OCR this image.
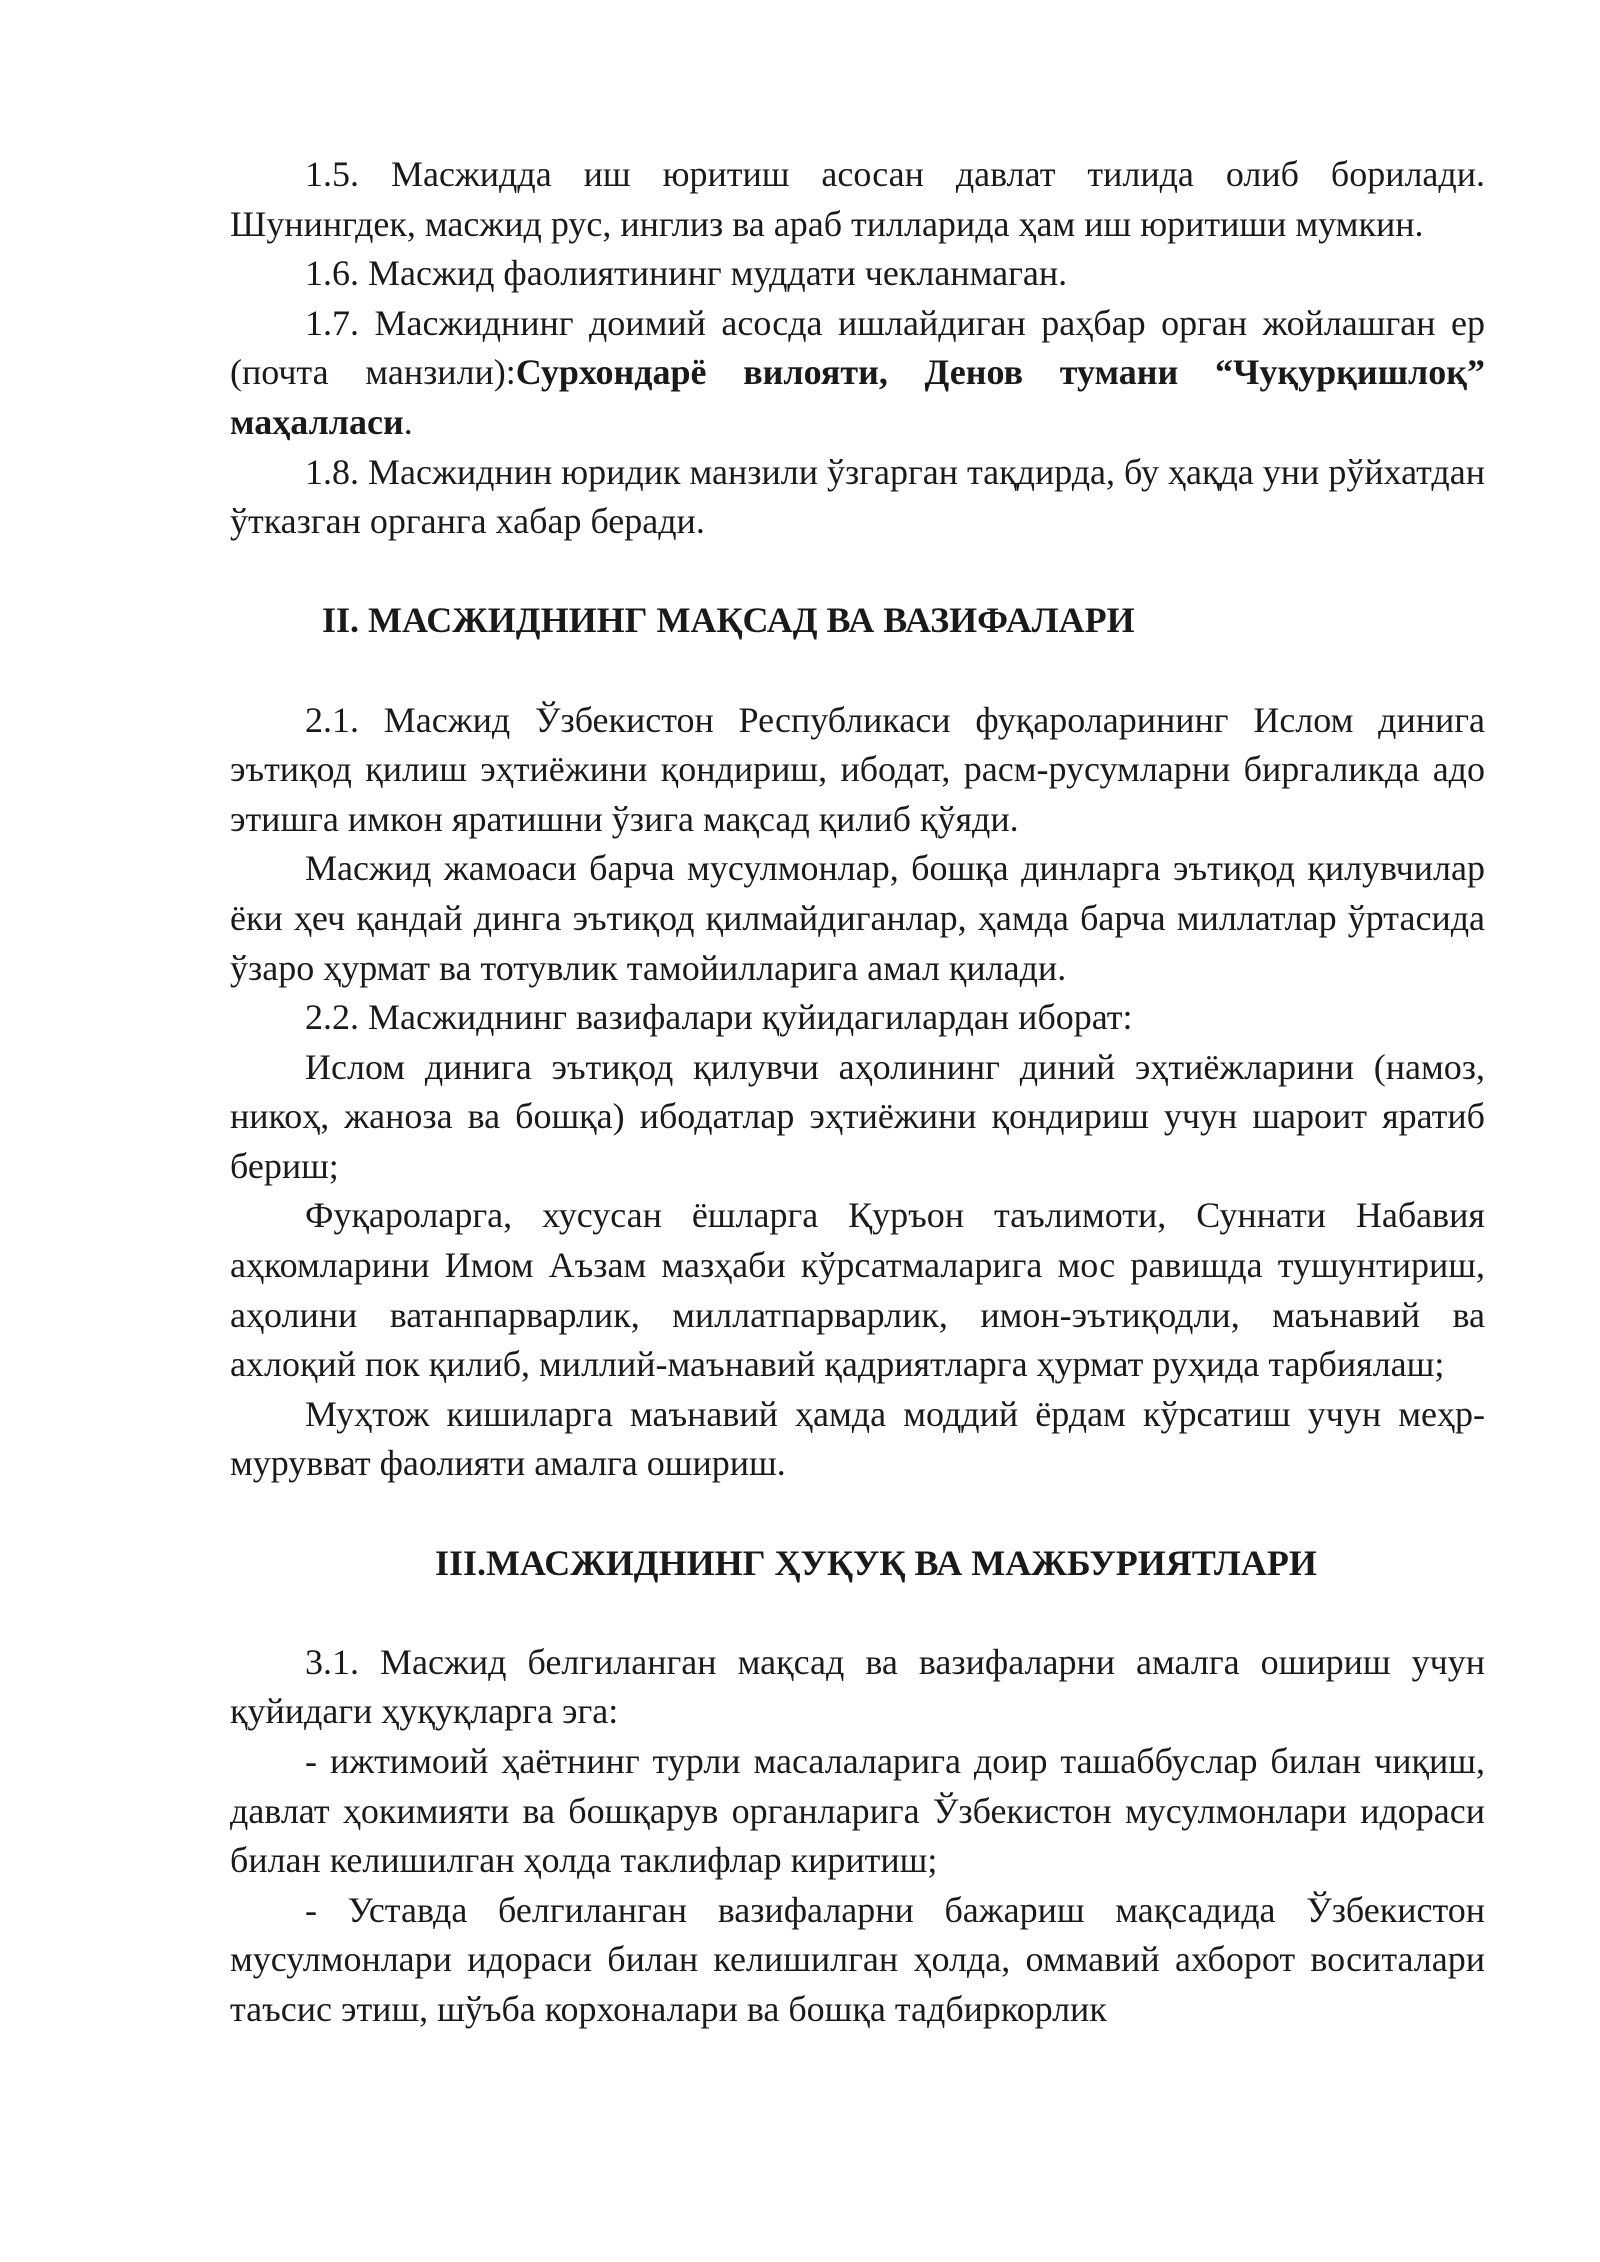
1.5. Масжидда иш юритиш асосан давлат тилида олиб борилади. Шунингдек, масжид рус, инглиз ва араб тилларида ҳам иш юритиши мумкин.

1.6. Масжид фаолиятининг муддати чекланмаган.

1.7. Масжиднинг доимий асосда ишлайдиган раҳбар орган жойлашган ер (почта манзили):Сурхондарё вилояти, Денов тумани “Чуқурқишлоқ” маҳалласи.

1.8. Масжиднин юридик манзили ўзгарган тақдирда, бу ҳақда уни рўйхатдан ўтказган органга хабар беради.

II. МАСЖИДНИНГ МАҚСАД ВА ВАЗИФАЛАРИ

2.1. Масжид Ўзбекистон Республикаси фуқароларининг Ислом динига эътиқод қилиш эҳтиёжини қондириш, ибодат, расм-русумларни биргаликда адо этишга имкон яратишни ўзига мақсад қилиб қўяди.

Масжид жамоаси барча мусулмонлар, бошқа динларга эътиқод қилувчилар ёки ҳеч қандай динга эътиқод қилмайдиганлар, ҳамда барча миллатлар ўртасида ўзаро ҳурмат ва тотувлик тамойилларига амал қилади.

2.2. Масжиднинг вазифалари қуйидагилардан иборат:

Ислом динига эътиқод қилувчи аҳолининг диний эҳтиёжларини (намоз, никоҳ, жаноза ва бошқа) ибодатлар эҳтиёжини қондириш учун шароит яратиб бериш;

Фуқароларга, хусусан ёшларга Қуръон таълимоти, Суннати Набавия аҳкомларини Имом Аъзам мазҳаби кўрсатмаларига мос равишда тушунтириш, аҳолини ватанпарварлик, миллатпарварлик, имон-эътиқодли, маънавий ва ахлоқий пок қилиб, миллий-маънавий қадриятларга ҳурмат руҳида тарбиялаш;

Муҳтож кишиларга маънавий ҳамда моддий ёрдам кўрсатиш учун меҳр-мурувват фаолияти амалга ошириш.

III.МАСЖИДНИНГ ҲУҚУҚ ВА МАЖБУРИЯТЛАРИ

3.1. Масжид белгиланган мақсад ва вазифаларни амалга ошириш учун қуйидаги ҳуқуқларга эга:

- ижтимоий ҳаётнинг турли масалаларига доир ташаббуслар билан чиқиш, давлат ҳокимияти ва бошқарув органларига Ўзбекистон мусулмонлари идораси билан келишилган ҳолда таклифлар киритиш;

- Уставда белгиланган вазифаларни бажариш мақсадида Ўзбекистон мусулмонлари идораси билан келишилган ҳолда, оммавий ахборот воситалари таъсис этиш, шўъба корхоналари ва бошқа тадбиркорлик
